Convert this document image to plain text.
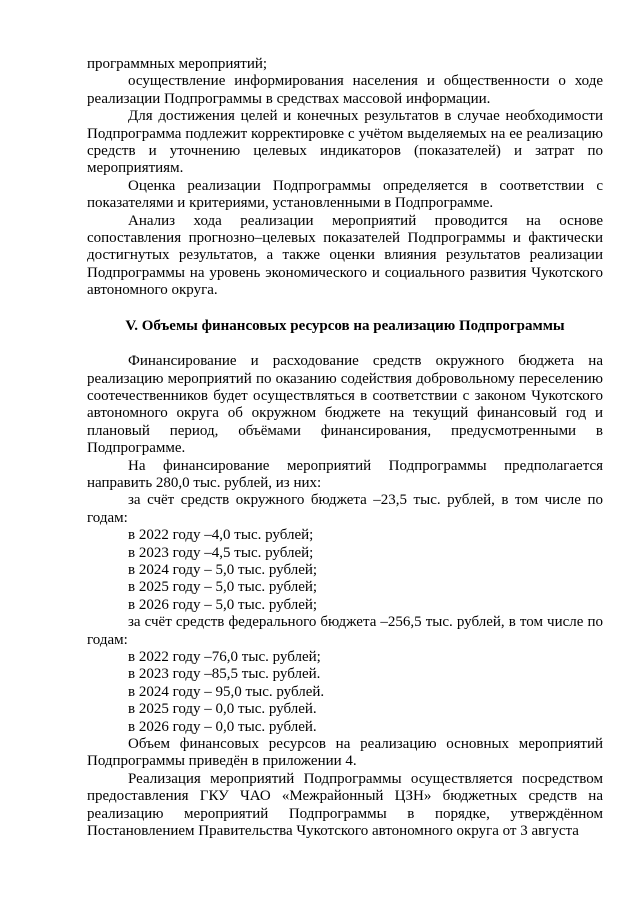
программных мероприятий;

осуществление информирования населения и общественности о ходе реализации Подпрограммы в средствах массовой информации.

Для достижения целей и конечных результатов в случае необходимости Подпрограмма подлежит корректировке с учётом выделяемых на ее реализацию средств и уточнению целевых индикаторов (показателей) и затрат по мероприятиям.

Оценка реализации Подпрограммы определяется в соответствии с показателями и критериями, установленными в Подпрограмме.

Анализ хода реализации мероприятий проводится на основе сопоставления прогнозно–целевых показателей Подпрограммы и фактически достигнутых результатов, а также оценки влияния результатов реализации Подпрограммы на уровень экономического и социального развития Чукотского автономного округа.

V. Объемы финансовых ресурсов на реализацию Подпрограммы

Финансирование и расходование средств окружного бюджета на реализацию мероприятий по оказанию содействия добровольному переселению соотечественников будет осуществляться в соответствии с законом Чукотского автономного округа об окружном бюджете на текущий финансовый год и плановый период, объёмами финансирования, предусмотренными в Подпрограмме.

На финансирование мероприятий Подпрограммы предполагается направить 280,0 тыс. рублей, из них:

за счёт средств окружного бюджета –23,5 тыс. рублей, в том числе по годам:

в 2022 году –4,0 тыс. рублей;

в 2023 году –4,5 тыс. рублей;

в 2024 году – 5,0 тыс. рублей;

в 2025 году – 5,0 тыс. рублей;

в 2026 году – 5,0 тыс. рублей;

за счёт средств федерального бюджета –256,5 тыс. рублей, в том числе по годам:

в 2022 году –76,0 тыс. рублей;

в 2023 году –85,5 тыс. рублей.

в 2024 году – 95,0 тыс. рублей.

в 2025 году – 0,0 тыс. рублей.

в 2026 году – 0,0 тыс. рублей.

Объем финансовых ресурсов на реализацию основных мероприятий Подпрограммы приведён в приложении 4.

Реализация мероприятий Подпрограммы осуществляется посредством предоставления ГКУ ЧАО «Межрайонный ЦЗН» бюджетных средств на реализацию мероприятий Подпрограммы в порядке, утверждённом Постановлением Правительства Чукотского автономного округа от 3 августа
